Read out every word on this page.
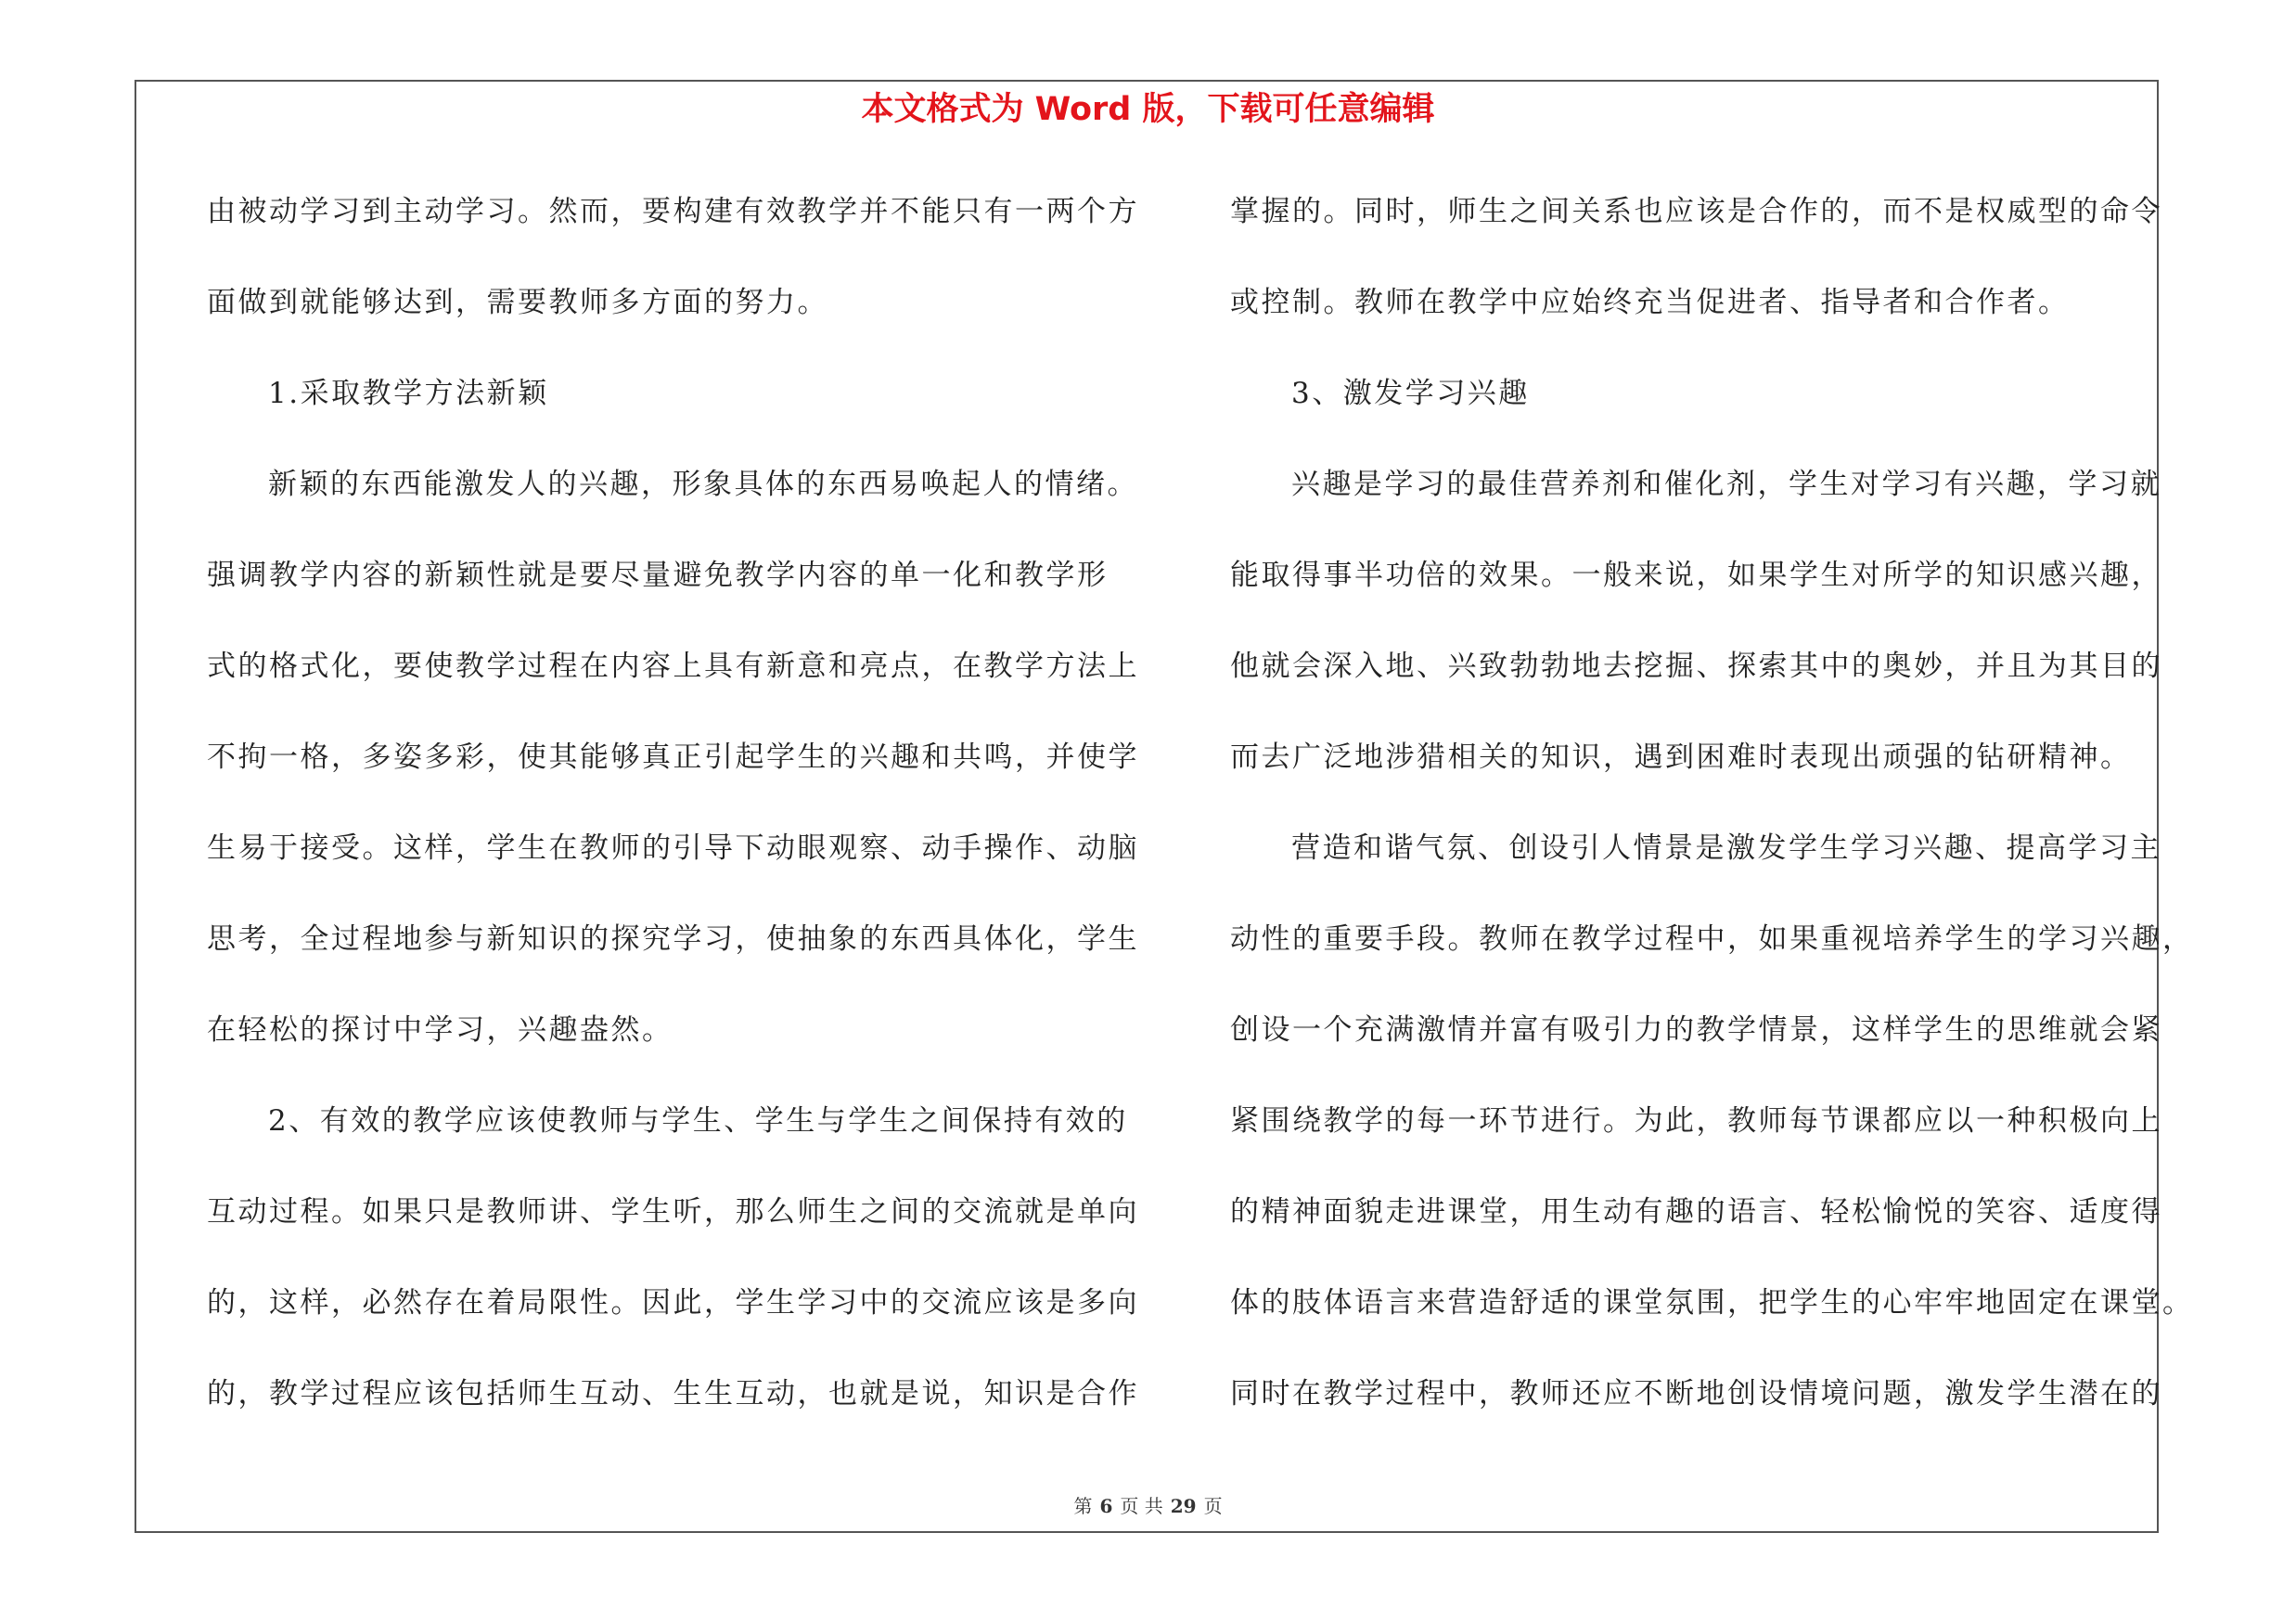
本文格式为 Word 版，下载可任意编辑
由被动学习到主动学习。然而，要构建有效教学并不能只有一两个方
面做到就能够达到，需要教师多方面的努力。
1.采取教学方法新颖
新颖的东西能激发人的兴趣，形象具体的东西易唤起人的情绪。
强调教学内容的新颖性就是要尽量避免教学内容的单一化和教学形
式的格式化，要使教学过程在内容上具有新意和亮点，在教学方法上
不拘一格，多姿多彩，使其能够真正引起学生的兴趣和共鸣，并使学
生易于接受。这样，学生在教师的引导下动眼观察、动手操作、动脑
思考，全过程地参与新知识的探究学习，使抽象的东西具体化，学生
在轻松的探讨中学习，兴趣盎然。
2、有效的教学应该使教师与学生、学生与学生之间保持有效的
互动过程。如果只是教师讲、学生听，那么师生之间的交流就是单向
的，这样，必然存在着局限性。因此，学生学习中的交流应该是多向
的，教学过程应该包括师生互动、生生互动，也就是说，知识是合作
掌握的。同时，师生之间关系也应该是合作的，而不是权威型的命令
或控制。教师在教学中应始终充当促进者、指导者和合作者。
3、激发学习兴趣
兴趣是学习的最佳营养剂和催化剂，学生对学习有兴趣，学习就
能取得事半功倍的效果。一般来说，如果学生对所学的知识感兴趣，
他就会深入地、兴致勃勃地去挖掘、探索其中的奥妙，并且为其目的
而去广泛地涉猎相关的知识，遇到困难时表现出顽强的钻研精神。
营造和谐气氛、创设引人情景是激发学生学习兴趣、提高学习主
动性的重要手段。教师在教学过程中，如果重视培养学生的学习兴趣，
创设一个充满激情并富有吸引力的教学情景，这样学生的思维就会紧
紧围绕教学的每一环节进行。为此，教师每节课都应以一种积极向上
的精神面貌走进课堂，用生动有趣的语言、轻松愉悦的笑容、适度得
体的肢体语言来营造舒适的课堂氛围，把学生的心牢牢地固定在课堂。
同时在教学过程中，教师还应不断地创设情境问题，激发学生潜在的
第 6 页 共 29 页
